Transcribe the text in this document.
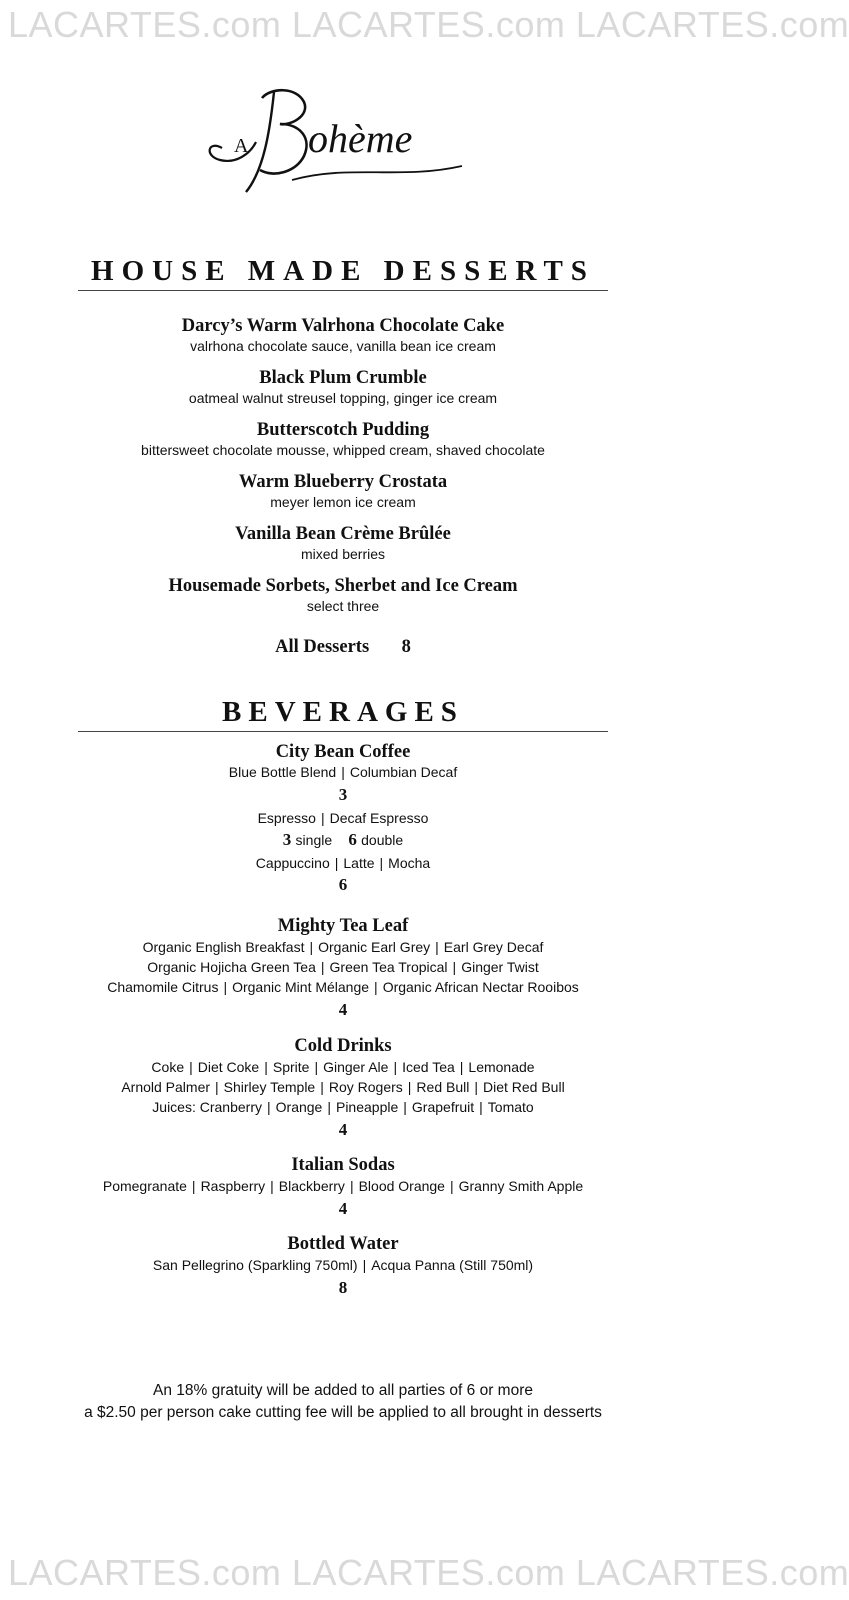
LACARTES.com LACARTES.com LACARTES.com
A ohème
HOUSE MADE DESSERTS
Darcy’s Warm Valrhona Chocolate Cake
valrhona chocolate sauce, vanilla bean ice cream
Black Plum Crumble
oatmeal walnut streusel topping, ginger ice cream
Butterscotch Pudding
bittersweet chocolate mousse, whipped cream, shaved chocolate
Warm Blueberry Crostata
meyer lemon ice cream
Vanilla Bean Crème Brûlée
mixed berries
Housemade Sorbets, Sherbet and Ice Cream
select three
All Desserts 8
BEVERAGES
City Bean Coffee
Blue Bottle Blend | Columbian Decaf
3
Espresso | Decaf Espresso
3 single 6 double
Cappuccino | Latte | Mocha
6
Mighty Tea Leaf
Organic English Breakfast | Organic Earl Grey | Earl Grey Decaf
Organic Hojicha Green Tea | Green Tea Tropical | Ginger Twist
Chamomile Citrus | Organic Mint Mélange | Organic African Nectar Rooibos
4
Cold Drinks
Coke | Diet Coke | Sprite | Ginger Ale | Iced Tea | Lemonade
Arnold Palmer | Shirley Temple | Roy Rogers | Red Bull | Diet Red Bull
Juices: Cranberry | Orange | Pineapple | Grapefruit | Tomato
4
Italian Sodas
Pomegranate | Raspberry | Blackberry | Blood Orange | Granny Smith Apple
4
Bottled Water
San Pellegrino (Sparkling 750ml) | Acqua Panna (Still 750ml)
8
An 18% gratuity will be added to all parties of 6 or more
a $2.50 per person cake cutting fee will be applied to all brought in desserts
LACARTES.com LACARTES.com LACARTES.com
